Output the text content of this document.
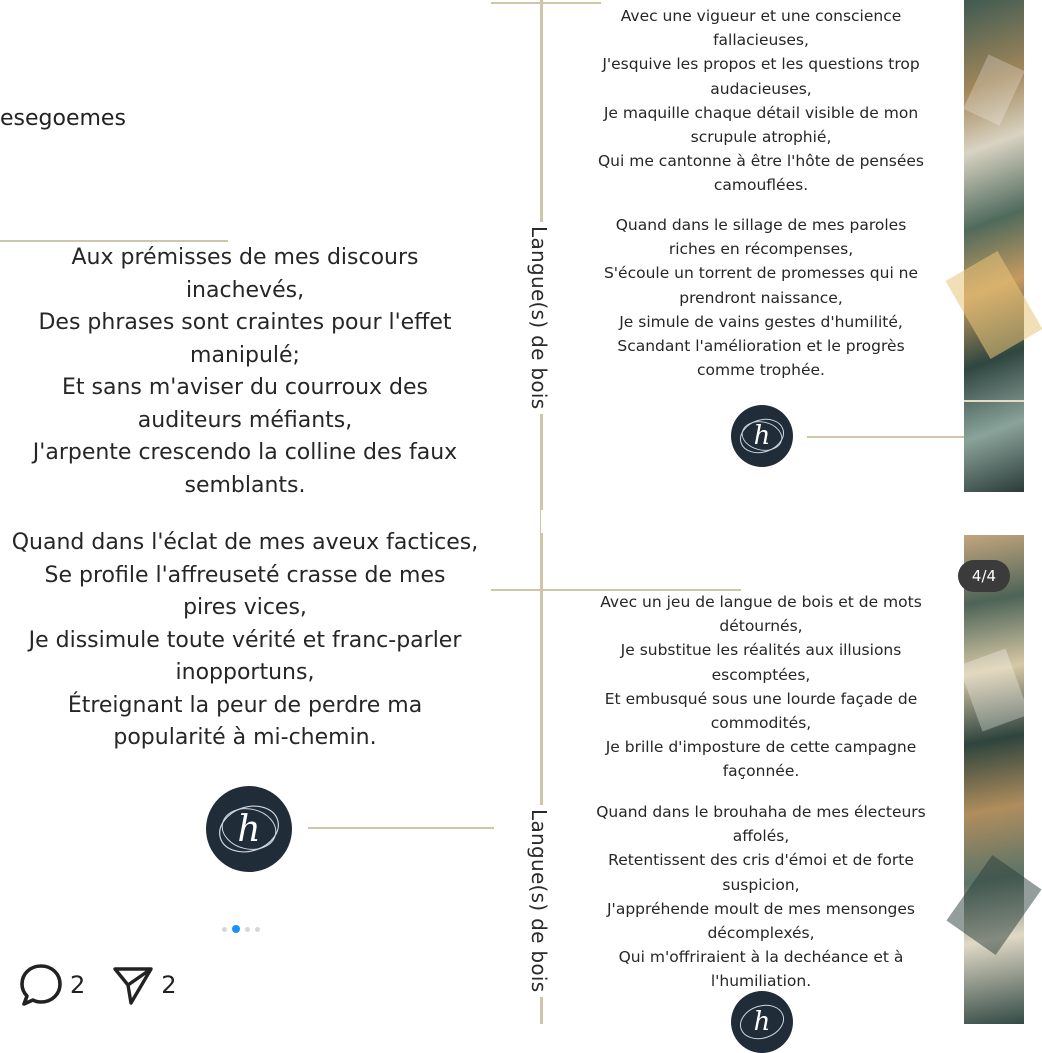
esegoemes
Aux prémisses de mes discours
inachevés,
Des phrases sont craintes pour l'effet
manipulé;
Et sans m'aviser du courroux des
auditeurs méfiants,
J'arpente crescendo la colline des faux
semblants.
Quand dans l'éclat de mes aveux factices,
Se profile l'affreuseté crasse de mes
pires vices,
Je dissimule toute vérité et franc-parler
inopportuns,
Étreignant la peur de perdre ma
popularité à mi-chemin.
h
2	2
Langue(s) de bois
Avec une vigueur et une conscience
fallacieuses,
J'esquive les propos et les questions trop
audacieuses,
Je maquille chaque détail visible de mon
scrupule atrophié,
Qui me cantonne à être l'hôte de pensées
camouflées.
Quand dans le sillage de mes paroles
riches en récompenses,
S'écoule un torrent de promesses qui ne
prendront naissance,
Je simule de vains gestes d'humilité,
Scandant l'amélioration et le progrès
comme trophée.
h
Langue(s) de bois
Avec un jeu de langue de bois et de mots
détournés,
Je substitue les réalités aux illusions
escomptées,
Et embusqué sous une lourde façade de
commodités,
Je brille d'imposture de cette campagne
façonnée.
Quand dans le brouhaha de mes électeurs
affolés,
Retentissent des cris d'émoi et de forte
suspicion,
J'appréhende moult de mes mensonges
décomplexés,
Qui m'offriraient à la dechéance et à
l'humiliation.
h
4/4
